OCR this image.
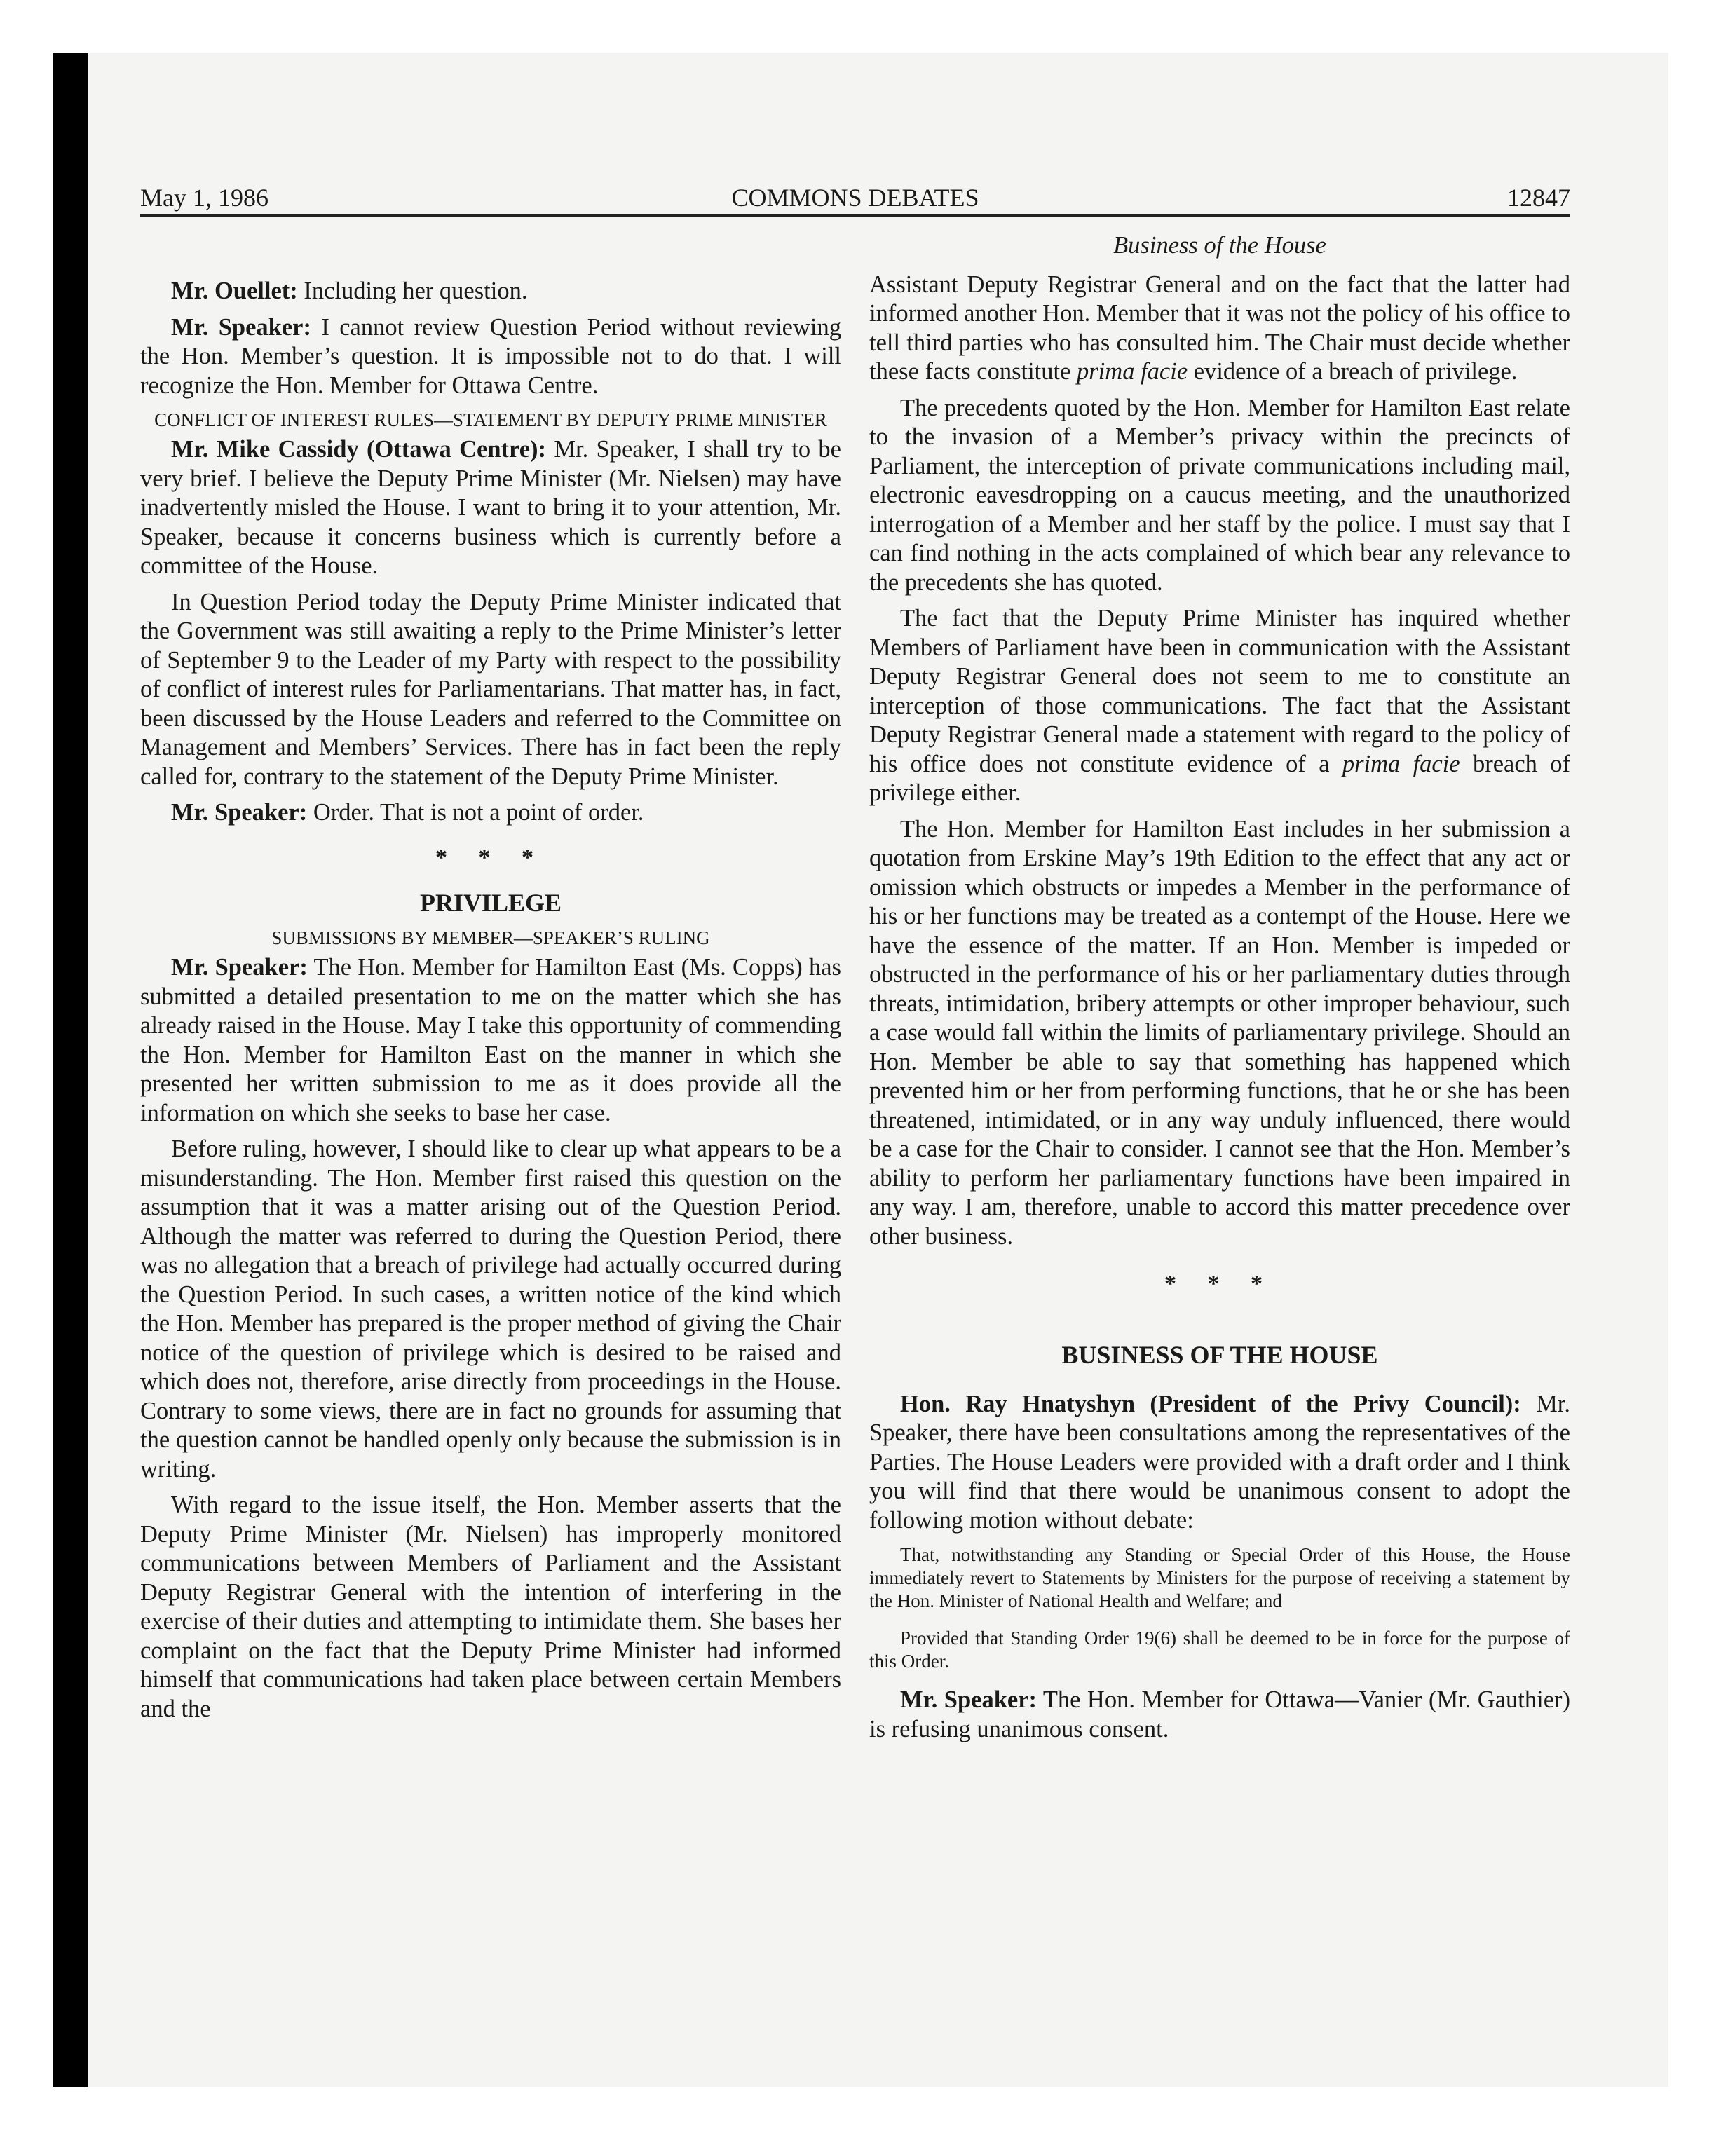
May 1, 1986	COMMONS DEBATES	12847

Mr. Ouellet: Including her question.

Mr. Speaker: I cannot review Question Period without reviewing the Hon. Member’s question. It is impossible not to do that. I will recognize the Hon. Member for Ottawa Centre.

CONFLICT OF INTEREST RULES—STATEMENT BY DEPUTY PRIME MINISTER

Mr. Mike Cassidy (Ottawa Centre): Mr. Speaker, I shall try to be very brief. I believe the Deputy Prime Minister (Mr. Nielsen) may have inadvertently misled the House. I want to bring it to your attention, Mr. Speaker, because it concerns business which is currently before a committee of the House.

In Question Period today the Deputy Prime Minister indicated that the Government was still awaiting a reply to the Prime Minister’s letter of September 9 to the Leader of my Party with respect to the possibility of conflict of interest rules for Parliamentarians. That matter has, in fact, been discussed by the House Leaders and referred to the Committee on Management and Members’ Services. There has in fact been the reply called for, contrary to the statement of the Deputy Prime Minister.

Mr. Speaker: Order. That is not a point of order.

* * *

PRIVILEGE

SUBMISSIONS BY MEMBER—SPEAKER’S RULING

Mr. Speaker: The Hon. Member for Hamilton East (Ms. Copps) has submitted a detailed presentation to me on the matter which she has already raised in the House. May I take this opportunity of commending the Hon. Member for Hamilton East on the manner in which she presented her written submission to me as it does provide all the information on which she seeks to base her case.

Before ruling, however, I should like to clear up what appears to be a misunderstanding. The Hon. Member first raised this question on the assumption that it was a matter arising out of the Question Period. Although the matter was referred to during the Question Period, there was no allegation that a breach of privilege had actually occurred during the Question Period. In such cases, a written notice of the kind which the Hon. Member has prepared is the proper method of giving the Chair notice of the question of privilege which is desired to be raised and which does not, therefore, arise directly from proceedings in the House. Contrary to some views, there are in fact no grounds for assuming that the question cannot be handled openly only because the submission is in writing.

With regard to the issue itself, the Hon. Member asserts that the Deputy Prime Minister (Mr. Nielsen) has improperly monitored communications between Members of Parliament and the Assistant Deputy Registrar General with the intention of interfering in the exercise of their duties and attempting to intimidate them. She bases her complaint on the fact that the Deputy Prime Minister had informed himself that communications had taken place between certain Members and the

Business of the House

Assistant Deputy Registrar General and on the fact that the latter had informed another Hon. Member that it was not the policy of his office to tell third parties who has consulted him. The Chair must decide whether these facts constitute prima facie evidence of a breach of privilege.

The precedents quoted by the Hon. Member for Hamilton East relate to the invasion of a Member’s privacy within the precincts of Parliament, the interception of private communications including mail, electronic eavesdropping on a caucus meeting, and the unauthorized interrogation of a Member and her staff by the police. I must say that I can find nothing in the acts complained of which bear any relevance to the precedents she has quoted.

The fact that the Deputy Prime Minister has inquired whether Members of Parliament have been in communication with the Assistant Deputy Registrar General does not seem to me to constitute an interception of those communications. The fact that the Assistant Deputy Registrar General made a statement with regard to the policy of his office does not constitute evidence of a prima facie breach of privilege either.

The Hon. Member for Hamilton East includes in her submission a quotation from Erskine May’s 19th Edition to the effect that any act or omission which obstructs or impedes a Member in the performance of his or her functions may be treated as a contempt of the House. Here we have the essence of the matter. If an Hon. Member is impeded or obstructed in the performance of his or her parliamentary duties through threats, intimidation, bribery attempts or other improper behaviour, such a case would fall within the limits of parliamentary privilege. Should an Hon. Member be able to say that something has happened which prevented him or her from performing functions, that he or she has been threatened, intimidated, or in any way unduly influenced, there would be a case for the Chair to consider. I cannot see that the Hon. Member’s ability to perform her parliamentary functions have been impaired in any way. I am, therefore, unable to accord this matter precedence over other business.

* * *

BUSINESS OF THE HOUSE

Hon. Ray Hnatyshyn (President of the Privy Council): Mr. Speaker, there have been consultations among the representatives of the Parties. The House Leaders were provided with a draft order and I think you will find that there would be unanimous consent to adopt the following motion without debate:

That, notwithstanding any Standing or Special Order of this House, the House immediately revert to Statements by Ministers for the purpose of receiving a statement by the Hon. Minister of National Health and Welfare; and

Provided that Standing Order 19(6) shall be deemed to be in force for the purpose of this Order.

Mr. Speaker: The Hon. Member for Ottawa—Vanier (Mr. Gauthier) is refusing unanimous consent.
